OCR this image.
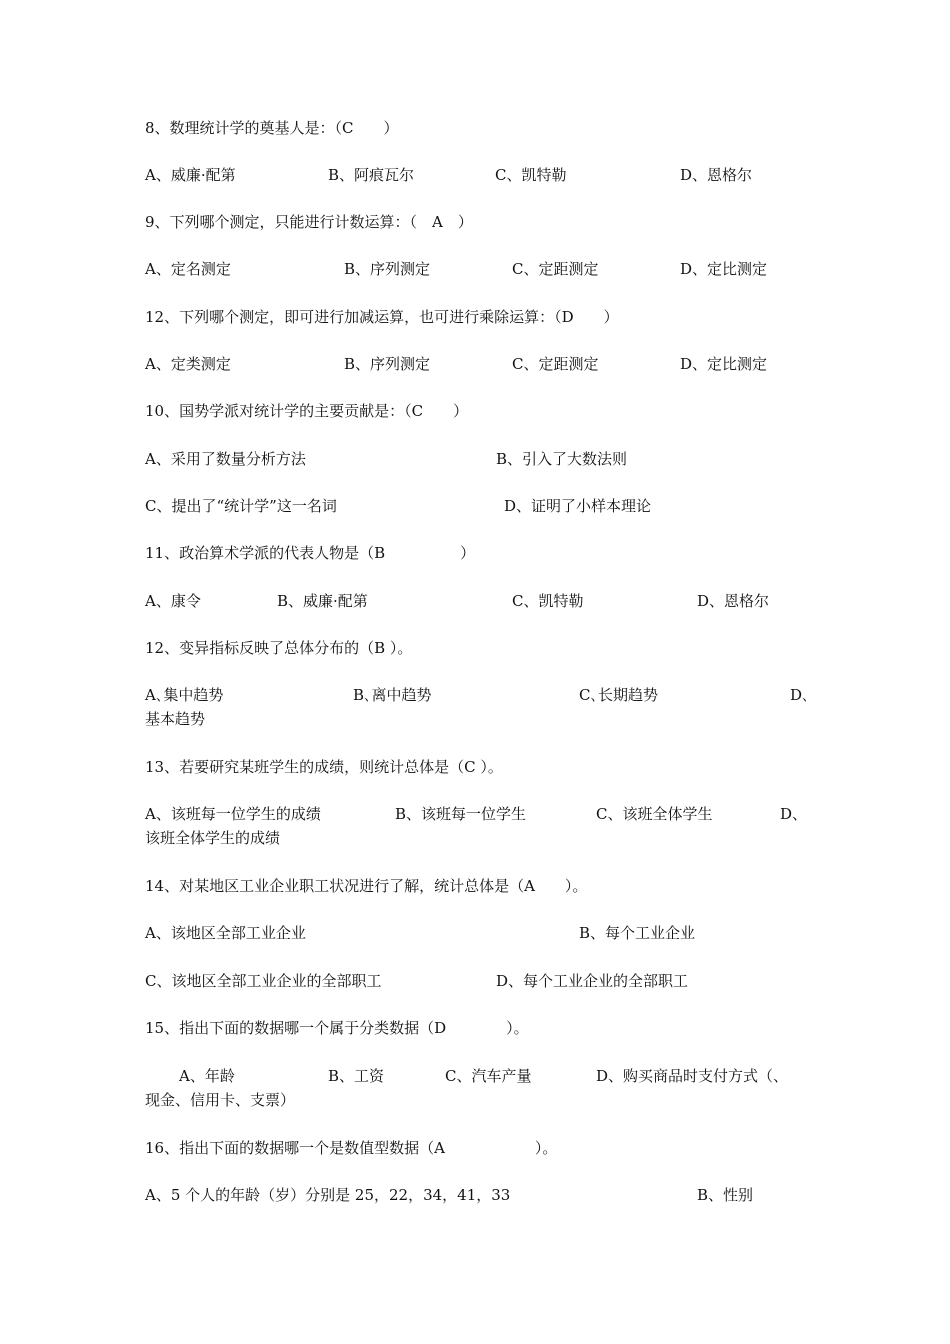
8、数理统计学的奠基人是：（C　　）
A、威廉·配第	B、阿痕瓦尔	C、凯特勒	D、恩格尔
9、下列哪个测定，只能进行计数运算：（　A　）
A、定名测定	B、序列测定	C、定距测定	D、定比测定
12、下列哪个测定，即可进行加减运算，也可进行乘除运算：（D　　）
A、定类测定	B、序列测定	C、定距测定	D、定比测定
10、国势学派对统计学的主要贡献是：（C　　）
A、采用了数量分析方法	B、引入了大数法则
C、提出了“统计学”这一名词	D、证明了小样本理论
11、政治算术学派的代表人物是（B　　　　　）
A、康令	B、威廉·配第	C、凯特勒	D、恩格尔
12、变异指标反映了总体分布的（B ）。
A､集中趋势	B､离中趋势	C､长期趋势	D､
基本趋势
13、若要研究某班学生的成绩，则统计总体是（C ）。
A、该班每一位学生的成绩	B、该班每一位学生	C、该班全体学生	D、
该班全体学生的成绩
14、对某地区工业企业职工状况进行了解，统计总体是（A　　）。
A、该地区全部工业企业	B、每个工业企业
C、该地区全部工业企业的全部职工	D、每个工业企业的全部职工
15、指出下面的数据哪一个属于分类数据（D　　　　）。
A、年龄	B、工资	C、汽车产量	D、购买商品时支付方式（、
现金、信用卡、支票）
16、指出下面的数据哪一个是数值型数据（A　　　　　　）。
A、5 个人的年龄（岁）分别是 25，22，34，41，33	B、性别
